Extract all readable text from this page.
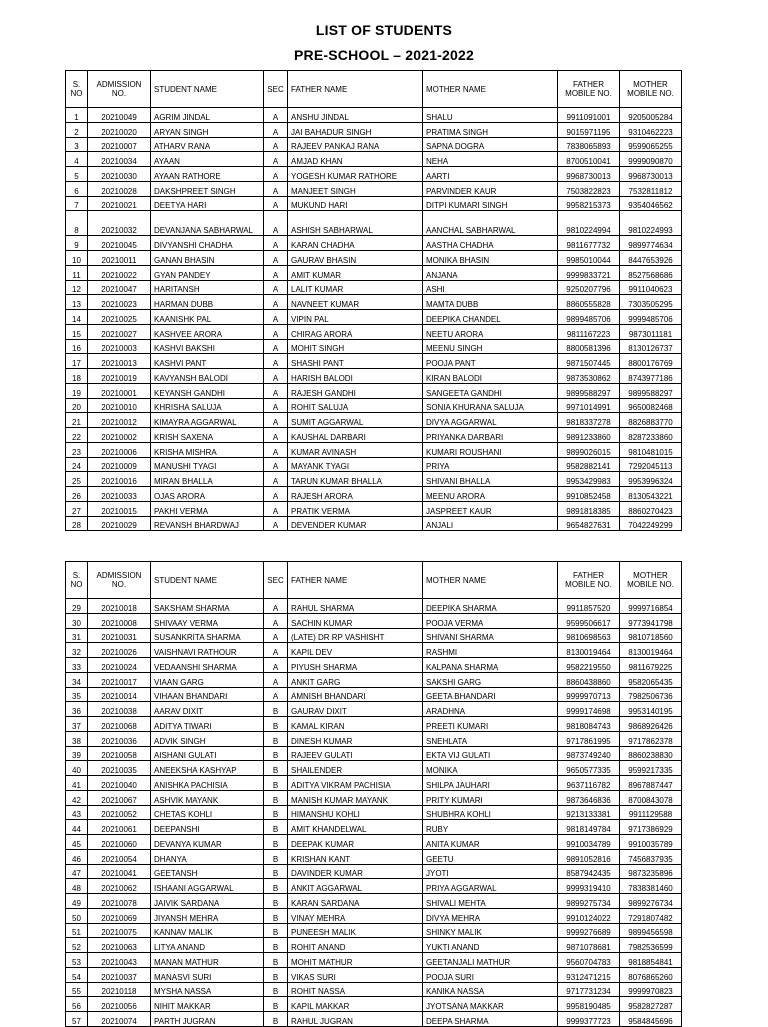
LIST OF STUDENTS
PRE-SCHOOL – 2021-2022
S. NO	ADMISSION NO.	STUDENT NAME	SEC	FATHER NAME	MOTHER NAME	FATHER MOBILE NO.	MOTHER MOBILE NO.
1	20210049	AGRIM JINDAL	A	ANSHU JINDAL	SHALU	9911091001	9205005284
2	20210020	ARYAN SINGH	A	JAI BAHADUR SINGH	PRATIMA SINGH	9015971195	9310462223
3	20210007	ATHARV RANA	A	RAJEEV PANKAJ RANA	SAPNA DOGRA	7838065893	9599065255
4	20210034	AYAAN	A	AMJAD KHAN	NEHA	8700510041	9999090870
5	20210030	AYAAN RATHORE	A	YOGESH KUMAR RATHORE	AARTI	9968730013	9968730013
6	20210028	DAKSHPREET SINGH	A	MANJEET SINGH	PARVINDER KAUR	7503822823	7532811812
7	20210021	DEETYA HARI	A	MUKUND HARI	DITPI KUMARI SINGH	9958215373	9354046562
8	20210032	DEVANJANA SABHARWAL	A	ASHISH SABHARWAL	AANCHAL SABHARWAL	9810224994	9810224993
9	20210045	DIVYANSHI CHADHA	A	KARAN CHADHA	AASTHA CHADHA	9811677732	9899774634
10	20210011	GANAN BHASIN	A	GAURAV BHASIN	MONIKA BHASIN	9985010044	8447653926
11	20210022	GYAN PANDEY	A	AMIT KUMAR	ANJANA	9999833721	8527568686
12	20210047	HARITANSH	A	LALIT KUMAR	ASHI	9250207796	9911040623
13	20210023	HARMAN DUBB	A	NAVNEET KUMAR	MAMTA DUBB	8860555828	7303505295
14	20210025	KAANISHK PAL	A	VIPIN PAL	DEEPIKA CHANDEL	9899485706	9999485706
15	20210027	KASHVEE ARORA	A	CHIRAG ARORA	NEETU ARORA	9811167223	9873011181
16	20210003	KASHVI BAKSHI	A	MOHIT SINGH	MEENU SINGH	8800581396	8130126737
17	20210013	KASHVI PANT	A	SHASHI PANT	POOJA PANT	9871507445	8800176769
18	20210019	KAVYANSH BALODI	A	HARISH BALODI	KIRAN BALODI	9873530862	8743977186
19	20210001	KEYANSH GANDHI	A	RAJESH GANDHI	SANGEETA GANDHI	9899588297	9899588297
20	20210010	KHRISHA SALUJA	A	ROHIT SALUJA	SONIA KHURANA SALUJA	9971014991	9650082468
21	20210012	KIMAYRA AGGARWAL	A	SUMIT AGGARWAL	DIVYA AGGARWAL	9818337278	8826883770
22	20210002	KRISH SAXENA	A	KAUSHAL DARBARI	PRIYANKA DARBARI	9891233860	8287233860
23	20210006	KRISHA MISHRA	A	KUMAR AVINASH	KUMARI ROUSHANI	9899026015	9810481015
24	20210009	MANUSHI TYAGI	A	MAYANK TYAGI	PRIYA	9582882141	7292045113
25	20210016	MIRAN BHALLA	A	TARUN KUMAR BHALLA	SHIVANI BHALLA	9953429983	9953996324
26	20210033	OJAS ARORA	A	RAJESH ARORA	MEENU ARORA	9910852458	8130543221
27	20210015	PAKHI VERMA	A	PRATIK VERMA	JASPREET KAUR	9891818385	8860270423
28	20210029	REVANSH BHARDWAJ	A	DEVENDER KUMAR	ANJALI	9654827631	7042249299
S. NO	ADMISSION NO.	STUDENT NAME	SEC	FATHER NAME	MOTHER NAME	FATHER MOBILE NO.	MOTHER MOBILE NO.
29	20210018	SAKSHAM SHARMA	A	RAHUL SHARMA	DEEPIKA SHARMA	9911857520	9999716854
30	20210008	SHIVAAY VERMA	A	SACHIN KUMAR	POOJA VERMA	9599506617	9773941798
31	20210031	SUSANKRITA SHARMA	A	(LATE) DR RP VASHISHT	SHIVANI SHARMA	9810698563	9810718560
32	20210026	VAISHNAVI RATHOUR	A	KAPIL DEV	RASHMI	8130019464	8130019464
33	20210024	VEDAANSHI SHARMA	A	PIYUSH SHARMA	KALPANA SHARMA	9582219550	9811679225
34	20210017	VIAAN GARG	A	ANKIT GARG	SAKSHI GARG	8860438860	9582065435
35	20210014	VIHAAN BHANDARI	A	AMNISH BHANDARI	GEETA BHANDARI	9999970713	7982506736
36	20210038	AARAV DIXIT	B	GAURAV DIXIT	ARADHNA	9999174698	9953140195
37	20210068	ADITYA TIWARI	B	KAMAL KIRAN	PREETI KUMARI	9818084743	9868926426
38	20210036	ADVIK SINGH	B	DINESH KUMAR	SNEHLATA	9717861995	9717862378
39	20210058	AISHANI GULATI	B	RAJEEV GULATI	EKTA VIJ GULATI	9873749240	8860238830
40	20210035	ANEEKSHA KASHYAP	B	SHAILENDER	MONIKA	9650577335	9599217335
41	20210040	ANISHKA PACHISIA	B	ADITYA VIKRAM PACHISIA	SHILPA JAUHARI	9637116782	8967887447
42	20210067	ASHVIK MAYANK	B	MANISH KUMAR MAYANK	PRITY KUMARI	9873646836	8700843078
43	20210052	CHETAS KOHLI	B	HIMANSHU KOHLI	SHUBHRA KOHLI	9213133381	9911129588
44	20210061	DEEPANSHI	B	AMIT KHANDELWAL	RUBY	9818149784	9717386929
45	20210060	DEVANYA KUMAR	B	DEEPAK KUMAR	ANITA KUMAR	9910034789	9910035789
46	20210054	DHANYA	B	KRISHAN KANT	GEETU	9891052816	7456837935
47	20210041	GEETANSH	B	DAVINDER KUMAR	JYOTI	8587942435	9873235896
48	20210062	ISHAANI AGGARWAL	B	ANKIT AGGARWAL	PRIYA AGGARWAL	9999319410	7838381460
49	20210078	JAIVIK SARDANA	B	KARAN SARDANA	SHIVALI MEHTA	9899275734	9899276734
50	20210069	JIYANSH MEHRA	B	VINAY MEHRA	DIVYA MEHRA	9910124022	7291807482
51	20210075	KANNAV MALIK	B	PUNEESH MALIK	SHINKY MALIK	9999276689	9899456598
52	20210063	LITYA ANAND	B	ROHIT ANAND	YUKTI ANAND	9871078681	7982536599
53	20210043	MANAN MATHUR	B	MOHIT MATHUR	GEETANJALI MATHUR	9560704783	9818854841
54	20210037	MANASVI SURI	B	VIKAS SURI	POOJA SURI	9312471215	8076865260
55	20210118	MYSHA NASSA	B	ROHIT NASSA	KANIKA NASSA	9717731234	9999970823
56	20210056	NIHIT MAKKAR	B	KAPIL MAKKAR	JYOTSANA MAKKAR	9958190485	9582827287
57	20210074	PARTH JUGRAN	B	RAHUL JUGRAN	DEEPA SHARMA	9999377723	9584845696
